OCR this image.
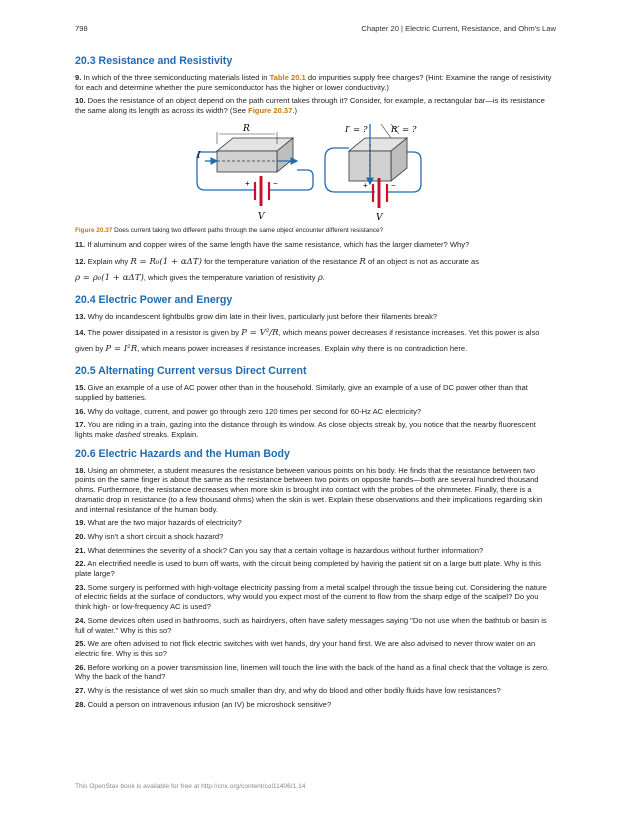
798	Chapter 20 | Electric Current, Resistance, and Ohm's Law
20.3 Resistance and Resistivity

9. In which of the three semiconducting materials listed in Table 20.1 do impurities supply free charges? (Hint: Examine the range of resistivity for each and determine whether the pure semiconductor has the higher or lower conductivity.)

10. Does the resistance of an object depend on the path current takes through it? Consider, for example, a rectangular bar—is its resistance the same along its length as across its width? (See Figure 20.37.)

R
I
+	−
V
I′ = ?	R′ = ?
+	−
V

Figure 20.37 Does current taking two different paths through the same object encounter different resistance?

11. If aluminum and copper wires of the same length have the same resistance, which has the larger diameter? Why?

12. Explain why R = R₀(1 + αΔT) for the temperature variation of the resistance R of an object is not as accurate as
ρ = ρ₀(1 + αΔT), which gives the temperature variation of resistivity ρ.

20.4 Electric Power and Energy

13. Why do incandescent lightbulbs grow dim late in their lives, particularly just before their filaments break?

14. The power dissipated in a resistor is given by P = V²/R, which means power decreases if resistance increases. Yet this power is also given by P = I²R, which means power increases if resistance increases. Explain why there is no contradiction here.

20.5 Alternating Current versus Direct Current

15. Give an example of a use of AC power other than in the household. Similarly, give an example of a use of DC power other than that supplied by batteries.

16. Why do voltage, current, and power go through zero 120 times per second for 60-Hz AC electricity?

17. You are riding in a train, gazing into the distance through its window. As close objects streak by, you notice that the nearby fluorescent lights make dashed streaks. Explain.

20.6 Electric Hazards and the Human Body

18. Using an ohmmeter, a student measures the resistance between various points on his body. He finds that the resistance between two points on the same finger is about the same as the resistance between two points on opposite hands—both are several hundred thousand ohms. Furthermore, the resistance decreases when more skin is brought into contact with the probes of the ohmmeter. Finally, there is a dramatic drop in resistance (to a few thousand ohms) when the skin is wet. Explain these observations and their implications regarding skin and internal resistance of the human body.

19. What are the two major hazards of electricity?

20. Why isn't a short circuit a shock hazard?

21. What determines the severity of a shock? Can you say that a certain voltage is hazardous without further information?

22. An electrified needle is used to burn off warts, with the circuit being completed by having the patient sit on a large butt plate. Why is this plate large?

23. Some surgery is performed with high-voltage electricity passing from a metal scalpel through the tissue being cut. Considering the nature of electric fields at the surface of conductors, why would you expect most of the current to flow from the sharp edge of the scalpel? Do you think high- or low-frequency AC is used?

24. Some devices often used in bathrooms, such as hairdryers, often have safety messages saying "Do not use when the bathtub or basin is full of water." Why is this so?

25. We are often advised to not flick electric switches with wet hands, dry your hand first. We are also advised to never throw water on an electric fire. Why is this so?

26. Before working on a power transmission line, linemen will touch the line with the back of the hand as a final check that the voltage is zero. Why the back of the hand?

27. Why is the resistance of wet skin so much smaller than dry, and why do blood and other bodily fluids have low resistances?

28. Could a person on intravenous infusion (an IV) be microshock sensitive?

This OpenStax book is available for free at http://cnx.org/content/col11406/1.14
